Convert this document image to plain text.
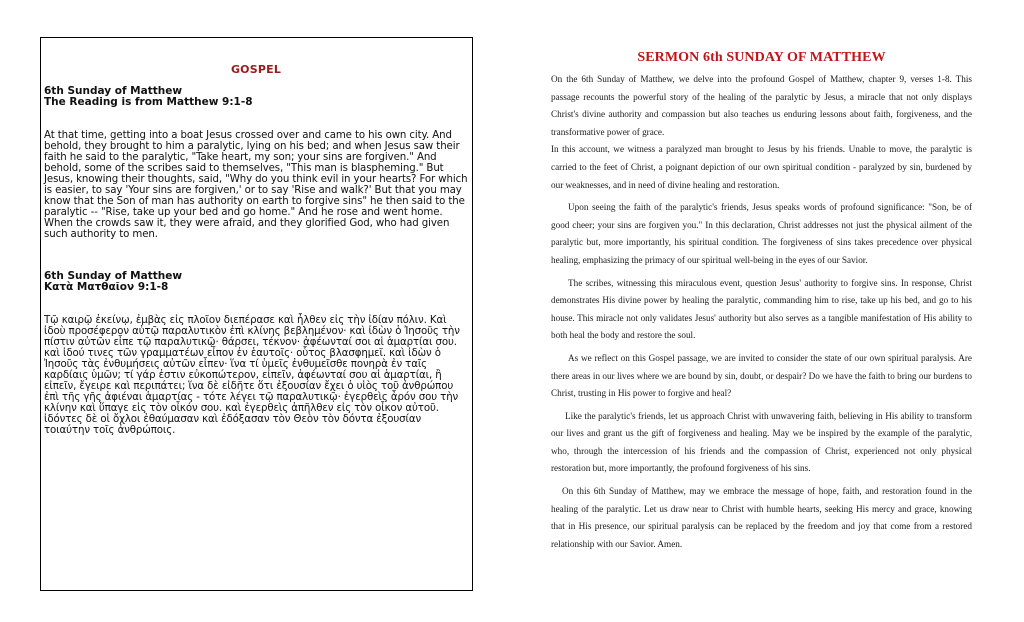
GOSPEL

6th Sunday of Matthew

The Reading is from Matthew 9:1-8

At that time, getting into a boat Jesus crossed over and came to his own city. And behold, they brought to him a paralytic, lying on his bed; and when Jesus saw their faith he said to the paralytic, "Take heart, my son; your sins are forgiven." And behold, some of the scribes said to themselves, "This man is blaspheming." But Jesus, knowing their thoughts, said, "Why do you think evil in your hearts? For which is easier, to say 'Your sins are forgiven,' or to say 'Rise and walk?' But that you may know that the Son of man has authority on earth to forgive sins" he then said to the paralytic -- "Rise, take up your bed and go home." And he rose and went home. When the crowds saw it, they were afraid, and they glorified God, who had given such authority to men.

6th Sunday of Matthew

Κατὰ Ματθαῖον 9:1-8

Τῷ καιρῷ ἐκείνῳ, ἐμβὰς εἰς πλοῖον διεπέρασε καὶ ἦλθεν εἰς τὴν ἰδίαν πόλιν. Καὶ ἰδοὺ προσέφερον αὐτῷ παραλυτικὸν ἐπὶ κλίνης βεβλημένον· καὶ ἰδὼν ὁ Ἰησοῦς τὴν πίστιν αὐτῶν εἶπε τῷ παραλυτικῷ· θάρσει, τέκνον· ἀφέωνταί σοι αἱ ἁμαρτίαι σου. καὶ ἰδού τινες τῶν γραμματέων εἶπον ἐν ἑαυτοῖς· οὗτος βλασφημεῖ. καὶ ἰδὼν ὁ Ἰησοῦς τὰς ἐνθυμήσεις αὐτῶν εἶπεν· ἵνα τί ὑμεῖς ἐνθυμεῖσθε πονηρὰ ἐν ταῖς καρδίαις ὑμῶν; τί γάρ ἐστιν εὐκοπώτερον, εἰπεῖν, ἀφέωνταί σου αἱ ἁμαρτίαι, ἢ εἰπεῖν, ἔγειρε καὶ περιπάτει; ἵνα δὲ εἰδῆτε ὅτι ἐξουσίαν ἔχει ὁ υἱὸς τοῦ ἀνθρώπου ἐπὶ τῆς γῆς ἀφιέναι ἁμαρτίας - τότε λέγει τῷ παραλυτικῷ· ἐγερθεὶς ἆρόν σου τὴν κλίνην καὶ ὕπαγε εἰς τὸν οἶκόν σου. καὶ ἐγερθεὶς ἀπῆλθεν εἰς τὸν οἶκον αὐτοῦ. ἰδόντες δὲ οἱ ὄχλοι ἐθαύμασαν καὶ ἐδόξασαν τὸν Θεὸν τὸν δόντα ἐξουσίαν τοιαύτην τοῖς ἀνθρώποις.

SERMON 6th SUNDAY OF MATTHEW

On the 6th Sunday of Matthew, we delve into the profound Gospel of Matthew, chapter 9, verses 1-8. This passage recounts the powerful story of the healing of the paralytic by Jesus, a miracle that not only displays Christ's divine authority and compassion but also teaches us enduring lessons about faith, forgiveness, and the transformative power of grace.

In this account, we witness a paralyzed man brought to Jesus by his friends. Unable to move, the paralytic is carried to the feet of Christ, a poignant depiction of our own spiritual condition - paralyzed by sin, burdened by our weaknesses, and in need of divine healing and restoration.

Upon seeing the faith of the paralytic's friends, Jesus speaks words of profound significance: "Son, be of good cheer; your sins are forgiven you." In this declaration, Christ addresses not just the physical ailment of the paralytic but, more importantly, his spiritual condition. The forgiveness of sins takes precedence over physical healing, emphasizing the primacy of our spiritual well-being in the eyes of our Savior.

The scribes, witnessing this miraculous event, question Jesus' authority to forgive sins. In response, Christ demonstrates His divine power by healing the paralytic, commanding him to rise, take up his bed, and go to his house. This miracle not only validates Jesus' authority but also serves as a tangible manifestation of His ability to both heal the body and restore the soul.

As we reflect on this Gospel passage, we are invited to consider the state of our own spiritual paralysis. Are there areas in our lives where we are bound by sin, doubt, or despair? Do we have the faith to bring our burdens to Christ, trusting in His power to forgive and heal?

Like the paralytic's friends, let us approach Christ with unwavering faith, believing in His ability to transform our lives and grant us the gift of forgiveness and healing. May we be inspired by the example of the paralytic, who, through the intercession of his friends and the compassion of Christ, experienced not only physical restoration but, more importantly, the profound forgiveness of his sins.

On this 6th Sunday of Matthew, may we embrace the message of hope, faith, and restoration found in the healing of the paralytic. Let us draw near to Christ with humble hearts, seeking His mercy and grace, knowing that in His presence, our spiritual paralysis can be replaced by the freedom and joy that come from a restored relationship with our Savior. Amen.
